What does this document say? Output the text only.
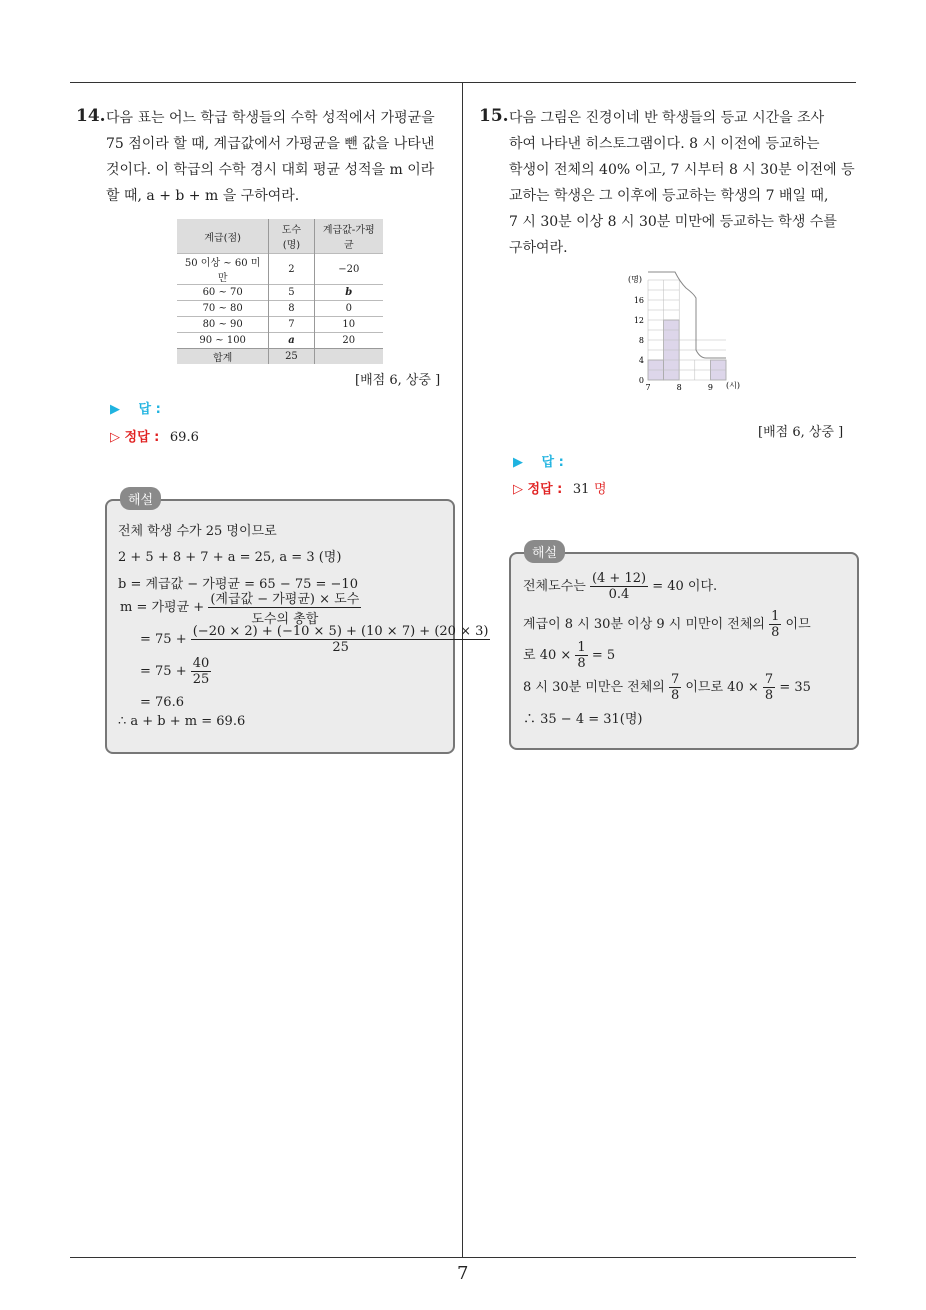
14. 다음 표는 어느 학급 학생들의 수학 성적에서 가평균을
75 점이라 할 때, 계급값에서 가평균을 뺀 값을 나타낸
것이다. 이 학급의 수학 경시 대회 평균 성적을 m 이라
할 때, a + b + m 을 구하여라.
계급(점)	도수(명)	계급값-가평균
50 이상 ~ 60 미만	2	−20
60 ~ 70	5	b
70 ~ 80	8	0
80 ~ 90	7	10
90 ~ 100	a	20
합계	25	
[배점 6, 상중 ]
▶ 답 :
▷ 정답 : 69.6
해설
전체 학생 수가 25 명이므로
2 + 5 + 8 + 7 + a = 25, a = 3 (명)
b = 계급값 − 가평균 = 65 − 75 = −10
m = 가평균 + $\frac{\text{(계급값 − 가평균) × 도수}}{\text{도수의 총합}}$
= $75 + \frac{(-20 \times 2) + (-10 \times 5) + (10 \times 7) + (20 \times 3)}{25}$
= $75 + \frac{40}{25}$
= 76.6
∴ a + b + m = 69.6
15. 다음 그림은 진경이네 반 학생들의 등교 시간을 조사
하여 나타낸 히스토그램이다. 8 시 이전에 등교하는
학생이 전체의 40% 이고, 7 시부터 8 시 30분 이전에 등
교하는 학생은 그 이후에 등교하는 학생의 7 배일 때,
7 시 30분 이상 8 시 30분 미만에 등교하는 학생 수를
구하여라.
(명)
(시)
0
4
8
12
16
7	8	9
[배점 6, 상중 ]
▶ 답 :
▷ 정답 : 31 명
해설
전체도수는 $\frac{(4 + 12)}{0.4} = 40$ 이다.
계급이 8 시 30분 이상 9 시 미만이 전체의 $\frac{1}{8}$ 이므
로 $40 \times \frac{1}{8} = 5$
8 시 30분 미만은 전체의 $\frac{7}{8}$ 이므로 $40 \times \frac{7}{8} = 35$
∴ 35 − 4 = 31(명)
7
